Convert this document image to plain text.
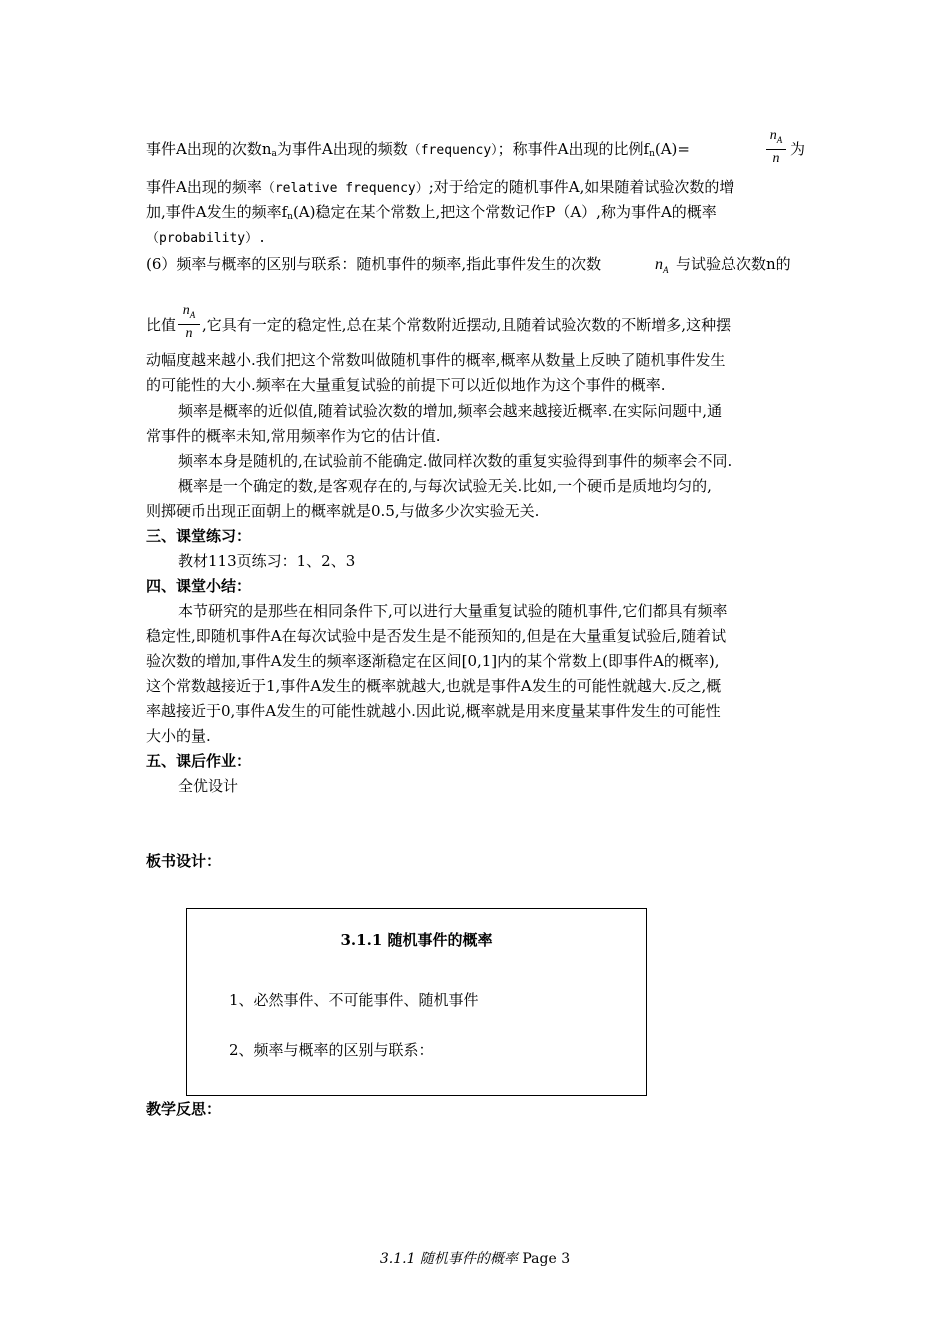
事件A出现的次数$n_a$为事件A出现的频数（frequency）；称事件A出现的比例$f_n(A)=$
$n_A$
n
为
事件A出现的频率（relative frequency）;对于给定的随机事件A,如果随着试验次数的增
加,事件A发生的频率$f_n(A)$稳定在某个常数上,把这个常数记作P（A）,称为事件A的概率
（probability）.
(6）频率与概率的区别与联系：随机事件的频率,指此事件发生的次数	$n_A$ 与试验总次数n的
比值
$n_A$
n ,它具有一定的稳定性,总在某个常数附近摆动,且随着试验次数的不断增多,这种摆
动幅度越来越小.我们把这个常数叫做随机事件的概率,概率从数量上反映了随机事件发生
的可能性的大小.频率在大量重复试验的前提下可以近似地作为这个事件的概率.
频率是概率的近似值,随着试验次数的增加,频率会越来越接近概率.在实际问题中,通
常事件的概率未知,常用频率作为它的估计值.
频率本身是随机的,在试验前不能确定.做同样次数的重复实验得到事件的频率会不同.
概率是一个确定的数,是客观存在的,与每次试验无关.比如,一个硬币是质地均匀的,
则掷硬币出现正面朝上的概率就是0.5,与做多少次实验无关.
三、课堂练习：
教材113页练习：1、2、3
四、课堂小结：
本节研究的是那些在相同条件下,可以进行大量重复试验的随机事件,它们都具有频率
稳定性,即随机事件A在每次试验中是否发生是不能预知的,但是在大量重复试验后,随着试
验次数的增加,事件A发生的频率逐渐稳定在区间[0,1]内的某个常数上(即事件A的概率),
这个常数越接近于1,事件A发生的概率就越大,也就是事件A发生的可能性就越大.反之,概
率越接近于0,事件A发生的可能性就越小.因此说,概率就是用来度量某事件发生的可能性
大小的量.
五、课后作业：
全优设计
板书设计：
3.1.1 随机事件的概率
1、必然事件、不可能事件、随机事件
2、频率与概率的区别与联系：
教学反思：
3.1.1 随机事件的概率 Page 3
